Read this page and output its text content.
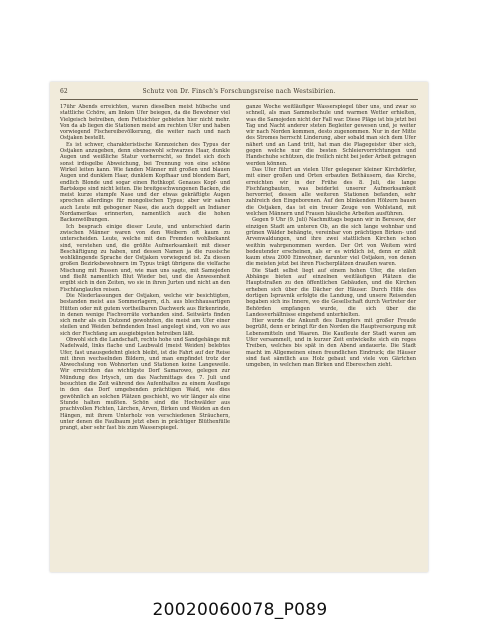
62	Schutz von Dr. Finsch's Forschungsreise nach Westsibirien.

17ühr Abends erreichten, waren dieselben meist hübsche und stattliche Cchöre, am linken Ufer beiegen, da die Bewohner viel Vielgeisch betreiben, dem Fettsichter gebieten hier nicht mehr. Von da ab liegen die Stationen meist am rechten Ufer und haben vorwiegend Fischereibevölkerung, die weiter nach und nach Ostjaken bestellt.

Es ist schwer, charakteristische Kennzeichen des Typus der Ostjaken anzugeben, denn ebensowohl schwarzes Haar, dunkle Augen und weißliche Statur vorherrscht, so findet sich doch sonst irdisgelbe Abweichung, bei Trennung von eine schöne Wirkel leiten kann. Wie fanden Männer mit großen und blauen Augen und dunklem Haar, dunklem Kopfhaar und blondem Bart, endlich Blonde und sogar einen Rothkopf. Genaues Kopf- und Bartskepe sind nicht leiten. Die breitgeschwungenen Backen, die meist kurze stumpfe Nase und der etwas gekräftigte Augen sprechen allerdings für mongolischen Typus; aber wir sahen auch Leute mit gebogener Nase, die auch doppelt an Indianer Nordamerikas erinnerten, namentlich auch die hohen Backenwölbungen.

Ich besprach einige dieser Leute, und unterschied darin zwischen Männer waren von den Weibern oft kaum zu unterscheiden. Leute, welche mit den Fremden wohlbekannt sind, verstehen und, die größte Aufmerksamkeit mit dieser Beschäftigung zu haben, und dessen Namen ja die russische wohlklingende Sprache der Ostjaken vorwiegend ist. Zu diesen großen Bezirksbewohnern im Typus trägt übrigens die vielfache Mischung mit Russen und, wie man uns sagte, mit Samojeden und fließt namentlich Blut Wieder bei, und die Anwesenheit ergibt sich in den Zeiten, wo sie in ihren Jurten und nicht an den Fischfanglaufen reisen.

Die Niederlassungen der Ostjaken, welche wir besichtigten, bestanden meist aus Sommerlagern, d.h. aus blechhausartigen Hütten oder mit gutem vortheilbaren Dachwerk aus Birkenrinde, in denen wenige Fischvorräte vorhanden sind. Seitwärts finden sich mehr als ein Dutzend gewohnten, die meist am Ufer einer steilen und Weiden befindenden Insel angelegt sind, von wo aus sich der Fischfang am ausgiebigsten betreiben läßt.

Obwohl sich die Landschaft, rechts hohe und Sandgehänge mit Nadelwald, links flache und Laubwald (meist Weiden) belebtes Ufer, fast unausgedehnt gleich bleibt, ist die Fahrt auf der Reise mit ihren wechselnden Bildern, und man empfindet trotz der Abwechslung von Wohnorten und Stationen keine Langeweile. Wir erreichten das wichtigste Dorf Samarowo, gelegen zur Mündung des Irtysch, um das Nachmittags des 7. Juli und besuchten die Zeit während des Aufenthaltes zu einem Ausfluge in den das Dorf umgebenden prächtigen Wald, wie dies gewöhnlich an solchen Plätzen geschieht, wo wir länger als eine Stunde halten mußten. Schön sind die Hochwälder aus prachtvollen Fichten, Lärchen, Arven, Birken und Weiden an den Hängen, mit ihrem Unterholz von verschiedenen Sträuchern, unter denen die Faulbaum jetzt eben in prächtiger Blüthenfülle prangt, aber sehr fast bis zum Wasserspiegel.

ganze Woche weitläufiger Wasserspiegel über uns, und zwar so schnell, als man Sammelschule und warmen Wetter erhielten, was die Samojeden nicht der Fall war. Diese Pläge ist bis jetzt bei Tag und Nacht anderer steten Begleiter gewesen und, je weiter wir nach Norden kommen, desto zugenommen. Nur in der Mitte des Stromes herrscht Linderung, aber sobald man sich dem Ufer nähert und an Land tritt, hat man die Plagegeister über sich, gegen welche nur die besten Schleiervorrichtungen und Handschuhe schützen, die freilich nicht bei jeder Arbeit getragen werden können.

Das Ufer führt an vielen Ufer gelegener kleiner Kirchdörfer, mit einer großen und Orten erbauten Bethäusern, das Kirche, erreichten wir in der Frühe des 8. Juli, die lange Fischfangbauten, was beiderlei unserer Aufmerksamkeit hervorrief, dessen alle weiteren Stationen befanden, sehr zahlreich den Eingeborenen. Auf den blinkenden Hölzern bauen die Ostjaken, das ist ein treuer Zeuge von Wohlstand, mit welchen Männern und Frauen häusliche Arbeiten ausführen.

Gegen 9 Uhr (9. Juli) Nachmittags begann wir in Beresow, der einzigen Stadt am unteren Ob, an die sich lange wohnbar und grünen Wälder behängte, vereinbar von prächtigen Birken- und Arvenwaldungen, und ihre zwei stattlichen Kirchen schon weithin wahrgenommen werden. Der Ort von Weitem wird bedeutender erscheinen, als er es wirklich ist, denn er zählt kaum etwa 2000 Einwohner, darunter viel Ostjaken, von denen die meisten jetzt bei ihren Fischerplätzen draußen waren.

Die Stadt selbst liegt auf einem hohen Ufer, die steilen Abhänge bieten auf einzelnen weitläufigen Plätzen die Hauptstraßen zu den öffentlichen Gebäuden, und die Kirchen erheben sich über die Dächer der Häuser. Durch Hilfe des dortigen Ispravnik erfolgte die Landung, und unsere Reisenden begaben sich ins Innere, wo die Gesellschaft durch Vertreter der Behörden empfangen wurde, die sich über die Landesverhältnisse eingehend unterhielten.

Hier wurde die Ankunft des Dampfers mit großer Freude begrüßt, denn er bringt für den Norden die Hauptversorgung mit Lebensmitteln und Waaren. Die Kaufleute der Stadt waren am Ufer versammelt, und in kurzer Zeit entwickelte sich ein reges Treiben, welches bis spät in den Abend andauerte. Die Stadt macht im Allgemeinen einen freundlichen Eindruck; die Häuser sind fast sämtlich aus Holz gebaut und viele von Gärtchen umgeben, in welchen man Birken und Ebereschen zieht.

20020060078_P089
